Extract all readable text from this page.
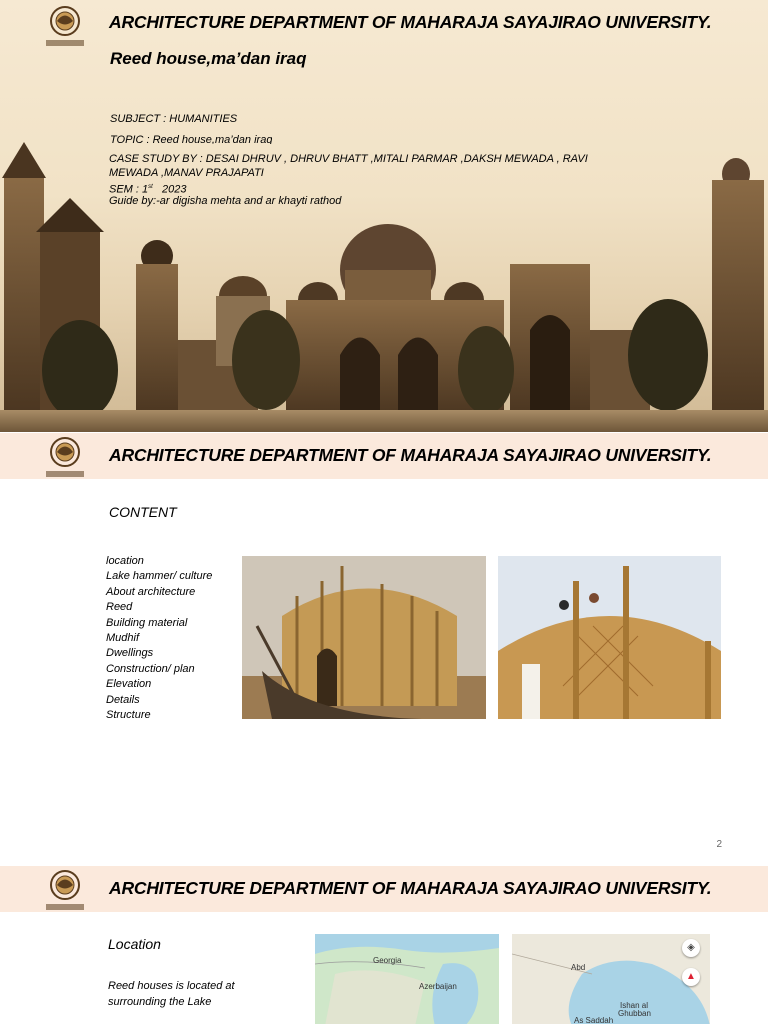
ARCHITECTURE DEPARTMENT OF MAHARAJA SAYAJIRAO UNIVERSITY.
Reed house,ma’dan iraq
SUBJECT : HUMANITIES
TOPIC : Reed house,ma’dan iraq
CASE STUDY BY : DESAI DHRUV , DHRUV BHATT ,MITALI PARMAR ,DAKSH MEWADA , RAVI
MEWADA ,MANAV PRAJAPATI
SEM : 1st 2023
Guide by:-ar digisha mehta and ar khayti rathod
ARCHITECTURE DEPARTMENT OF MAHARAJA SAYAJIRAO UNIVERSITY.
CONTENT
location
Lake hammer/ culture
About architecture
Reed
Building material
Mudhif
Dwellings
Construction/ plan
Elevation
Details
Structure
2
ARCHITECTURE DEPARTMENT OF MAHARAJA SAYAJIRAO UNIVERSITY.
Location
Reed houses is located at surrounding the Lake
Georgia
Azerbaijan
Abd
Ishan al
Ghubban
As Saddah
◈
▲
